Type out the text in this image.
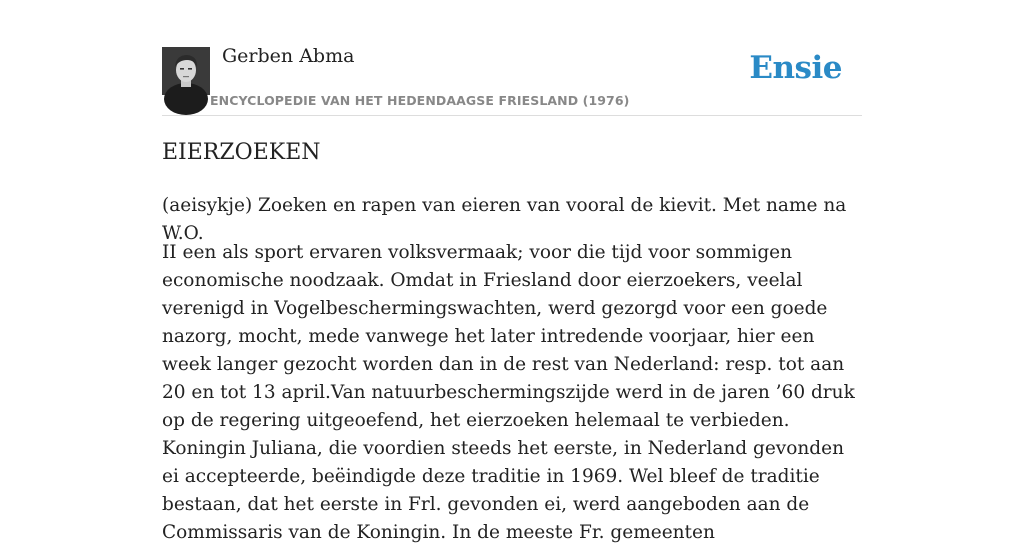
Gerben Abma
ENCYCLOPEDIE VAN HET HEDENDAAGSE FRIESLAND (1976)
Ensie
EIERZOEKEN

(aeisykje) Zoeken en rapen van eieren van vooral de kievit. Met name na W.O.

II een als sport ervaren volksvermaak; voor die tijd voor sommigen economische noodzaak. Omdat in Friesland door eierzoekers, veelal verenigd in Vogelbeschermingswachten, werd gezorgd voor een goede nazorg, mocht, mede vanwege het later intredende voorjaar, hier een week langer gezocht worden dan in de rest van Nederland: resp. tot aan 20 en tot 13 april.Van natuurbeschermingszijde werd in de jaren ’60 druk op de regering uitgeoefend, het eierzoeken helemaal te verbieden. Koningin Juliana, die voordien steeds het eerste, in Nederland gevonden ei accepteerde, beëindigde deze traditie in 1969. Wel bleef de traditie bestaan, dat het eerste in Frl. gevonden ei, werd aangeboden aan de Commissaris van de Koningin. In de meeste Fr. gemeenten
